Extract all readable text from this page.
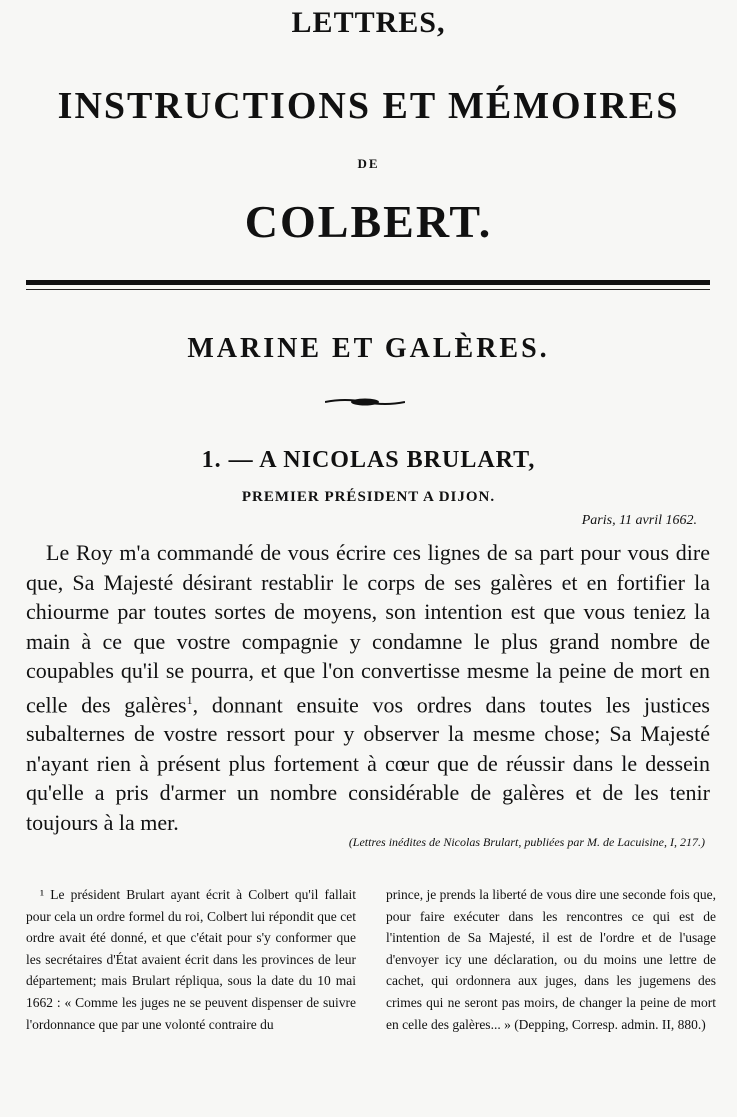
LETTRES,
INSTRUCTIONS ET MÉMOIRES
DE
COLBERT.
MARINE ET GALÈRES.
1. — A NICOLAS BRULART,
PREMIER PRÉSIDENT A DIJON.
Paris, 11 avril 1662.
Le Roy m'a commandé de vous écrire ces lignes de sa part pour vous dire que, Sa Majesté désirant restablir le corps de ses galères et en fortifier la chiourme par toutes sortes de moyens, son intention est que vous teniez la main à ce que vostre compagnie y condamne le plus grand nombre de coupables qu'il se pourra, et que l'on convertisse mesme la peine de mort en celle des galères$^1$, donnant ensuite vos ordres dans toutes les justices subalternes de vostre ressort pour y observer la mesme chose; Sa Majesté n'ayant rien à présent plus fortement à cœur que de réussir dans le dessein qu'elle a pris d'armer un nombre considérable de galères et de les tenir toujours à la mer.
(Lettres inédites de Nicolas Brulart, publiées par M. de Lacuisine, I, 217.)
¹ Le président Brulart ayant écrit à Colbert qu'il fallait pour cela un ordre formel du roi, Colbert lui répondit que cet ordre avait été donné, et que c'était pour s'y conformer que les secrétaires d'État avaient écrit dans les provinces de leur département; mais Brulart répliqua, sous la date du 10 mai 1662 : « Comme les juges ne se peuvent dispenser de suivre l'ordonnance que par une volonté contraire du
prince, je prends la liberté de vous dire une seconde fois que, pour faire exécuter dans les rencontres ce qui est de l'intention de Sa Majesté, il est de l'ordre et de l'usage d'envoyer icy une déclaration, ou du moins une lettre de cachet, qui ordonnera aux juges, dans les jugemens des crimes qui ne seront pas moirs, de changer la peine de mort en celle des galères... » (Depping, Corresp. admin. II, 880.)
